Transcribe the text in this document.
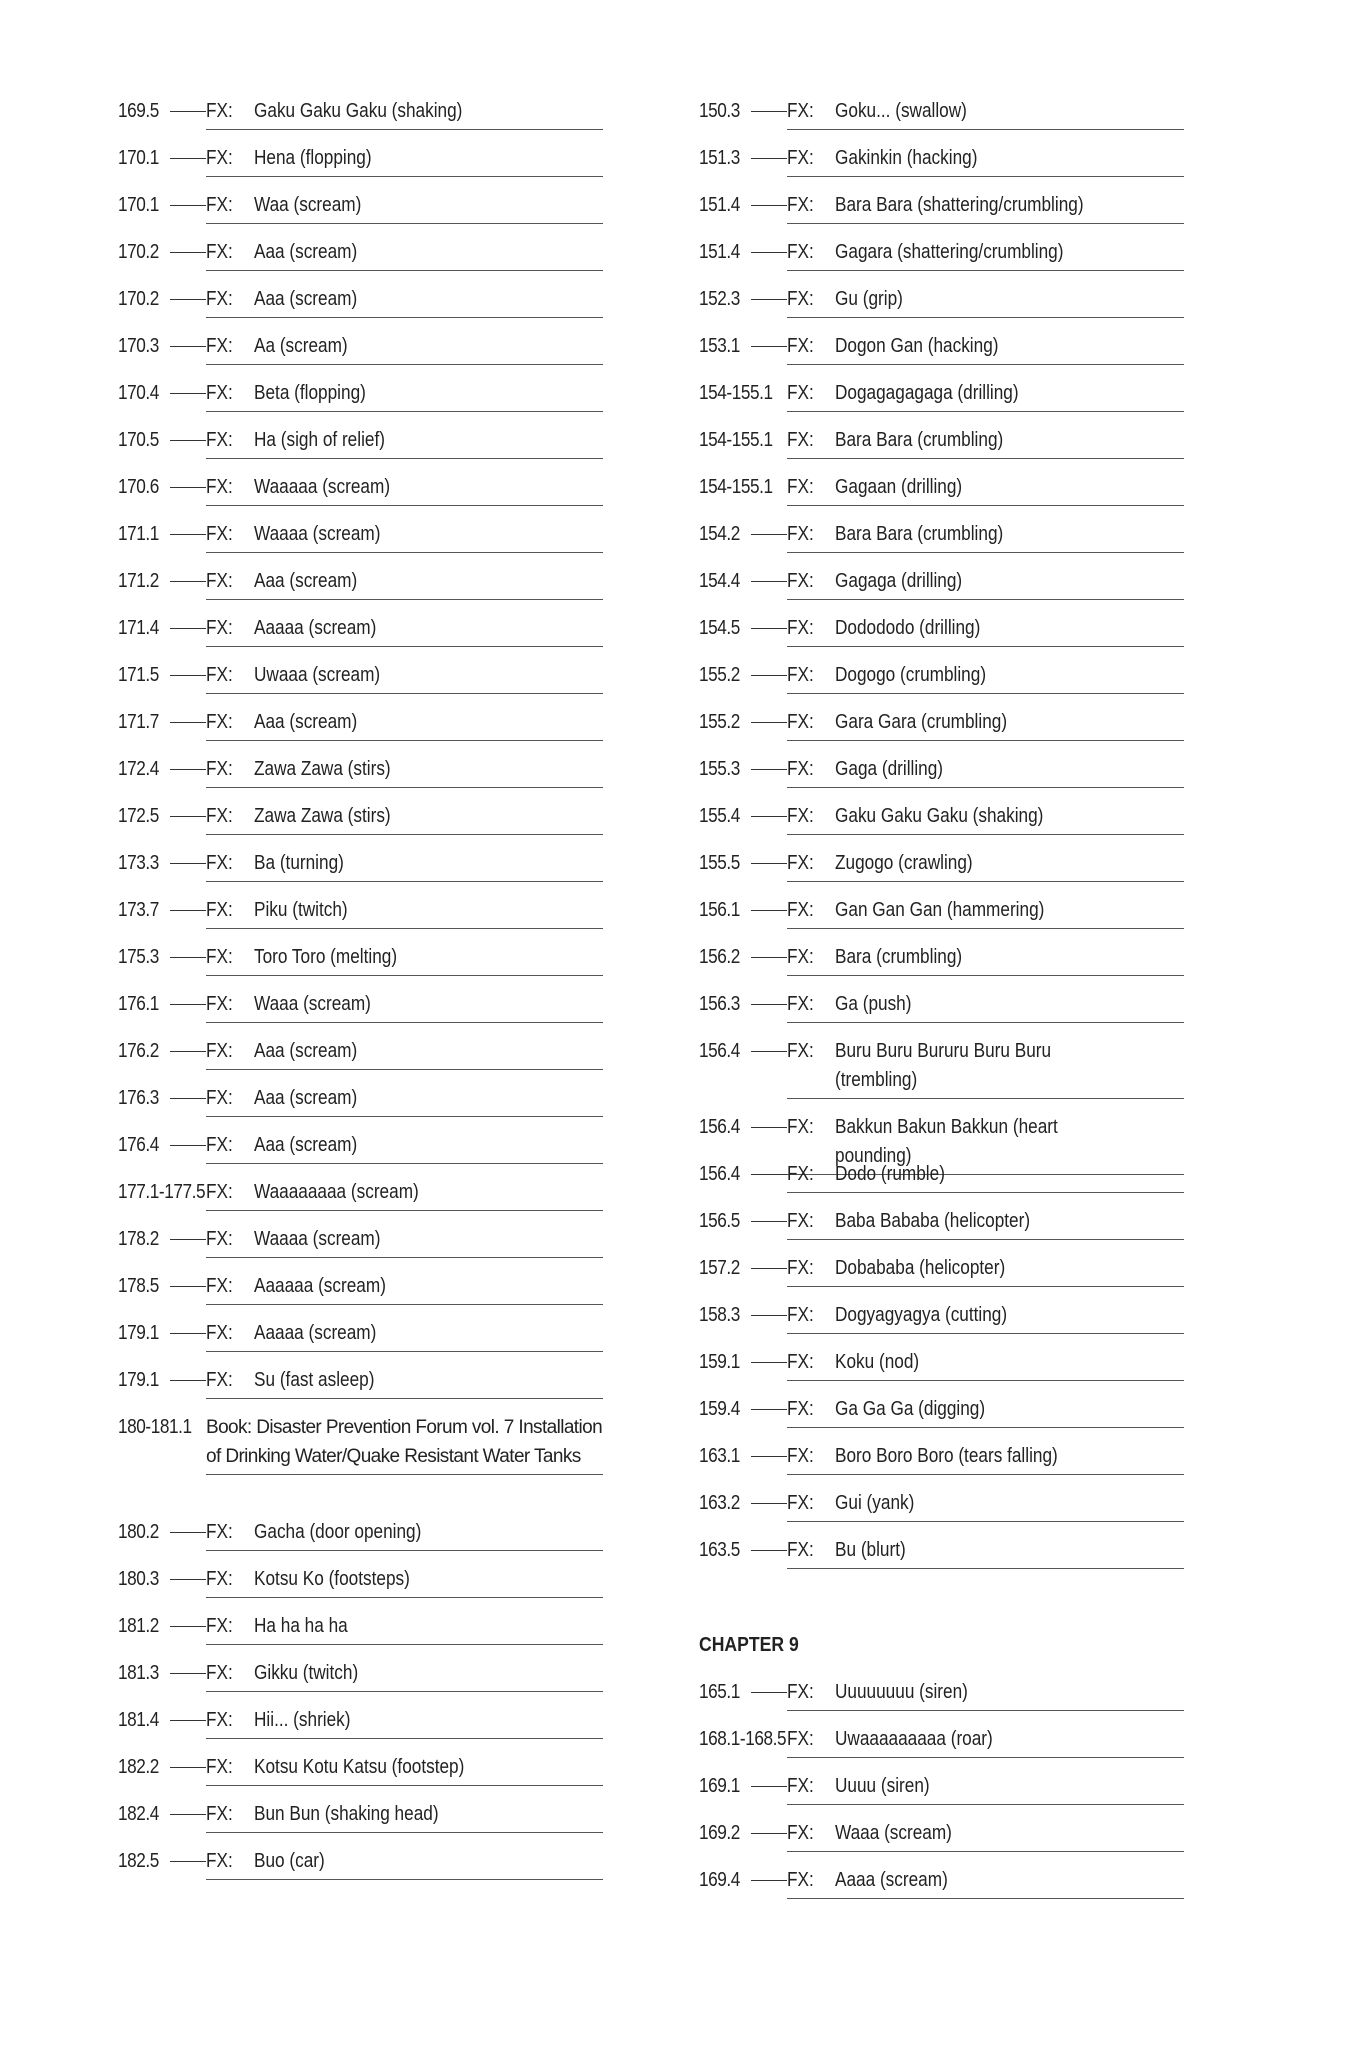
169.5	FX:	Gaku Gaku Gaku (shaking)
170.1	FX:	Hena (flopping)
170.1	FX:	Waa (scream)
170.2	FX:	Aaa (scream)
170.2	FX:	Aaa (scream)
170.3	FX:	Aa (scream)
170.4	FX:	Beta (flopping)
170.5	FX:	Ha (sigh of relief)
170.6	FX:	Waaaaa (scream)
171.1	FX:	Waaaa (scream)
171.2	FX:	Aaa (scream)
171.4	FX:	Aaaaa (scream)
171.5	FX:	Uwaaa (scream)
171.7	FX:	Aaa (scream)
172.4	FX:	Zawa Zawa (stirs)
172.5	FX:	Zawa Zawa (stirs)
173.3	FX:	Ba (turning)
173.7	FX:	Piku (twitch)
175.3	FX:	Toro Toro (melting)
176.1	FX:	Waaa (scream)
176.2	FX:	Aaa (scream)
176.3	FX:	Aaa (scream)
176.4	FX:	Aaa (scream)
177.1-177.5 FX:	Waaaaaaaa (scream)
178.2	FX:	Waaaa (scream)
178.5	FX:	Aaaaaa (scream)
179.1	FX:	Aaaaa (scream)
179.1	FX:	Su (fast asleep)
180-181.1 Book: Disaster Prevention Forum vol. 7 Installation of Drinking Water/Quake Resistant Water Tanks
180.2	FX:	Gacha (door opening)
180.3	FX:	Kotsu Ko (footsteps)
181.2	FX:	Ha ha ha ha
181.3	FX:	Gikku (twitch)
181.4	FX:	Hii... (shriek)
182.2	FX:	Kotsu Kotu Katsu (footstep)
182.4	FX:	Bun Bun (shaking head)
182.5	FX:	Buo (car)
150.3	FX:	Goku... (swallow)
151.3	FX:	Gakinkin (hacking)
151.4	FX:	Bara Bara (shattering/crumbling)
151.4	FX:	Gagara (shattering/crumbling)
152.3	FX:	Gu (grip)
153.1	FX:	Dogon Gan (hacking)
154-155.1 FX:	Dogagagagaga (drilling)
154-155.1 FX:	Bara Bara (crumbling)
154-155.1 FX:	Gagaan (drilling)
154.2	FX:	Bara Bara (crumbling)
154.4	FX:	Gagaga (drilling)
154.5	FX:	Dodododo (drilling)
155.2	FX:	Dogogo (crumbling)
155.2	FX:	Gara Gara (crumbling)
155.3	FX:	Gaga (drilling)
155.4	FX:	Gaku Gaku Gaku (shaking)
155.5	FX:	Zugogo (crawling)
156.1	FX:	Gan Gan Gan (hammering)
156.2	FX:	Bara (crumbling)
156.3	FX:	Ga (push)
156.4	FX:	Buru Buru Bururu Buru Buru (trembling)
156.4	FX:	Bakkun Bakun Bakkun (heart pounding)
156.4	FX:	Dodo (rumble)
156.5	FX:	Baba Bababa (helicopter)
157.2	FX:	Dobababa (helicopter)
158.3	FX:	Dogyagyagya (cutting)
159.1	FX:	Koku (nod)
159.4	FX:	Ga Ga Ga (digging)
163.1	FX:	Boro Boro Boro (tears falling)
163.2	FX:	Gui (yank)
163.5	FX:	Bu (blurt)
CHAPTER 9
165.1	FX:	Uuuuuuuu (siren)
168.1-168.5 FX:	Uwaaaaaaaaa (roar)
169.1	FX:	Uuuu (siren)
169.2	FX:	Waaa (scream)
169.4	FX:	Aaaa (scream)
